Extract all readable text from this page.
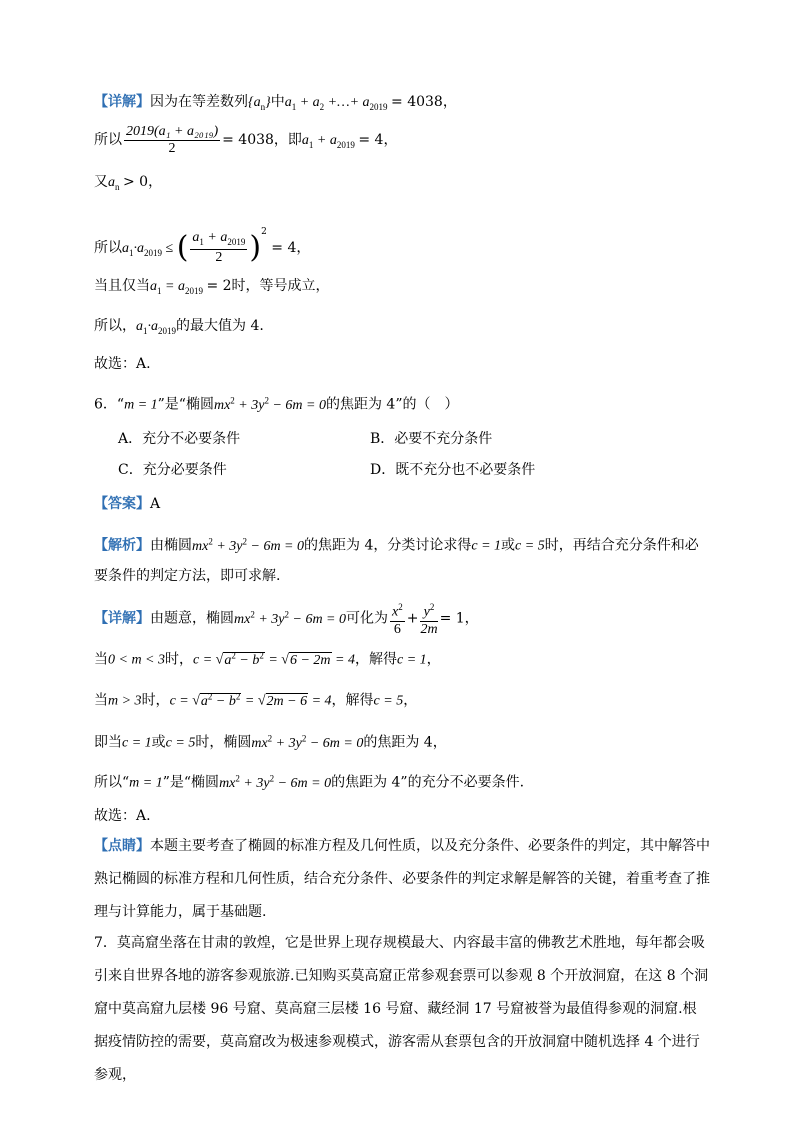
【详解】因为在等差数列$\{a_n\}$中$a_1 + a_2$ +…+ $a_{2019} = 4038$，
所以 $\frac{\text{2019(a₁ + a₂₀₁₉)}}{2} = 4038$，即$a_1 + a_{2019} = 4$，
又$a_n > 0$，
所以$a_1\cdot a_{2019}$ ≤ ( $\frac{a_1 + a_{2019}}{2} )^2 = 4$，
当且仅当$a_1 = a_{2019} = 2$时，等号成立，
所以，$a_1\cdot a_{2019}$的最大值为 4.
故选：A.
6．“m = 1”是“椭圆$mx^2 + 3y^2 - 6m = 0$的焦距为 4”的（　）
A．充分不必要条件	B．必要不充分条件
C．充分必要条件	D．既不充分也不必要条件
【答案】A
【解析】由椭圆$mx^2 + 3y^2 - 6m = 0$的焦距为 4，分类讨论求得c = 1或c = 5时，再结合充分条件和必
要条件的判定方法，即可求解.
【详解】由题意，椭圆$mx^2 + 3y^2 - 6m = 0$可化为 $\frac{x^2}{6} + \frac{y^2}{2m} = 1$，
当0 < m < 3时，$c = √a^2 - b^2 = √6 - 2m = 4$，解得c = 1，
当m > 3时，$c = √a^2 - b^2 = √2m - 6 = 4$，解得c = 5，
即当c = 1或c = 5时，椭圆$mx^2 + 3y^2 - 6m = 0$的焦距为 4，
所以“m = 1”是“椭圆$mx^2 + 3y^2 - 6m = 0$的焦距为 4”的充分不必要条件.
故选：A.
【点睛】本题主要考查了椭圆的标准方程及几何性质，以及充分条件、必要条件的判定，其中解答中熟记椭圆的标准方程和几何性质，结合充分条件、必要条件的判定求解是解答的关键，着重考查了推理与计算能力，属于基础题.
7．莫高窟坐落在甘肃的敦煌，它是世界上现存规模最大、内容最丰富的佛教艺术胜地，每年都会吸引来自世界各地的游客参观旅游.已知购买莫高窟正常参观套票可以参观 8 个开放洞窟，在这 8 个洞窟中莫高窟九层楼 96 号窟、莫高窟三层楼 16 号窟、藏经洞 17 号窟被誉为最值得参观的洞窟.根据疫情防控的需要，莫高窟改为极速参观模式，游客需从套票包含的开放洞窟中随机选择 4 个进行参观，
